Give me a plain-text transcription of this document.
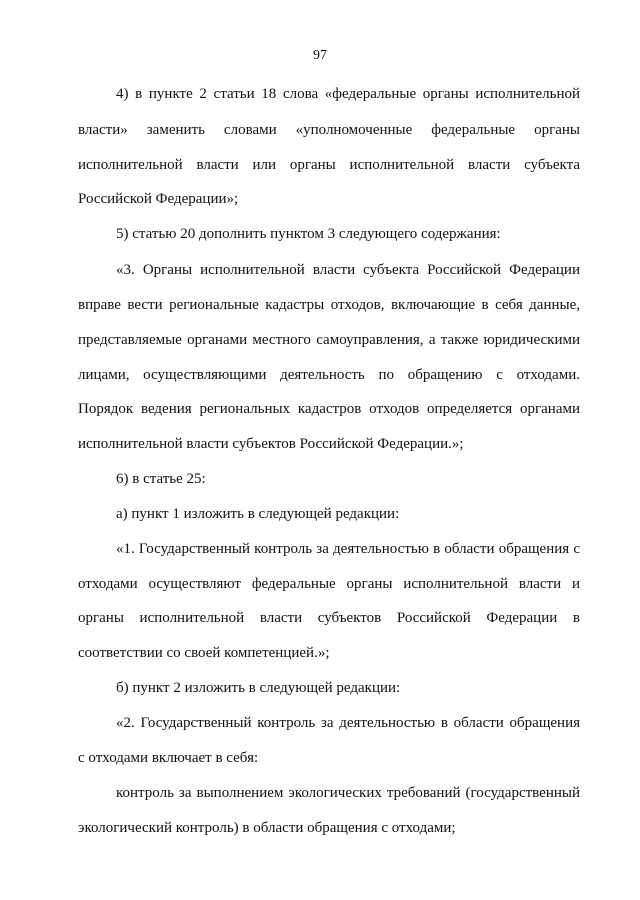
97
4) в пункте 2 статьи 18 слова «федеральные органы исполнительной
власти» заменить словами «уполномоченные федеральные органы
исполнительной власти или органы исполнительной власти субъекта
Российской Федерации»;
5) статью 20 дополнить пунктом 3 следующего содержания:
«3. Органы исполнительной власти субъекта Российской Федерации
вправе вести региональные кадастры отходов, включающие в себя данные,
представляемые органами местного самоуправления, а также юридическими
лицами, осуществляющими деятельность по обращению с отходами.
Порядок ведения региональных кадастров отходов определяется органами
исполнительной власти субъектов Российской Федерации.»;
6) в статье 25:
а) пункт 1 изложить в следующей редакции:
«1. Государственный контроль за деятельностью в области обращения с
отходами осуществляют федеральные органы исполнительной власти и
органы исполнительной власти субъектов Российской Федерации в
соответствии со своей компетенцией.»;
б) пункт 2 изложить в следующей редакции:
«2. Государственный контроль за деятельностью в области обращения
с отходами включает в себя:
контроль за выполнением экологических требований (государственный
экологический контроль) в области обращения с отходами;
